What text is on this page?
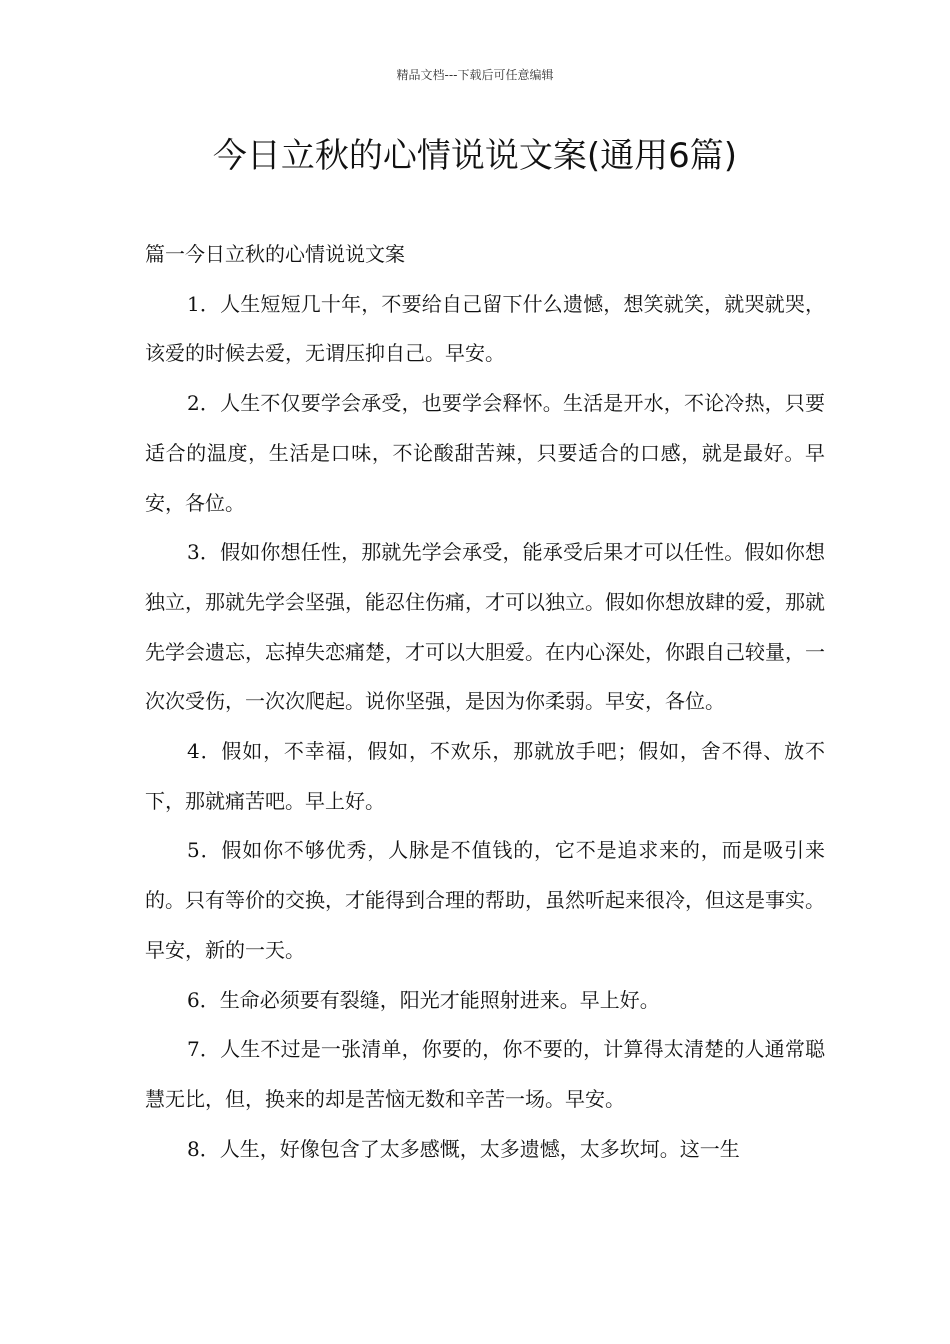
精品文档---下载后可任意编辑
今日立秋的心情说说文案(通用6篇)

篇一今日立秋的心情说说文案

1．人生短短几十年，不要给自己留下什么遗憾，想笑就笑，就哭就哭，该爱的时候去爱，无谓压抑自己。早安。

2．人生不仅要学会承受，也要学会释怀。生活是开水，不论冷热，只要适合的温度，生活是口味，不论酸甜苦辣，只要适合的口感，就是最好。早安，各位。

3．假如你想任性，那就先学会承受，能承受后果才可以任性。假如你想独立，那就先学会坚强，能忍住伤痛，才可以独立。假如你想放肆的爱，那就先学会遗忘，忘掉失恋痛楚，才可以大胆爱。在内心深处，你跟自己较量，一次次受伤，一次次爬起。说你坚强，是因为你柔弱。早安，各位。

4．假如，不幸福，假如，不欢乐，那就放手吧；假如，舍不得、放不下，那就痛苦吧。早上好。

5．假如你不够优秀，人脉是不值钱的，它不是追求来的，而是吸引来的。只有等价的交换，才能得到合理的帮助，虽然听起来很冷，但这是事实。早安，新的一天。

6．生命必须要有裂缝，阳光才能照射进来。早上好。

7．人生不过是一张清单，你要的，你不要的，计算得太清楚的人通常聪慧无比，但，换来的却是苦恼无数和辛苦一场。早安。

8．人生，好像包含了太多感慨，太多遗憾，太多坎坷。这一生
